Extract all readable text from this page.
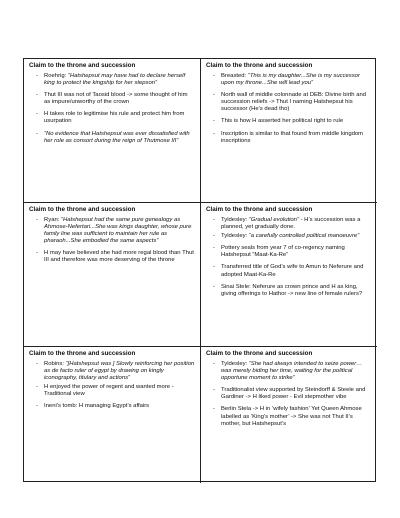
Claim to the throne and succession
- Roehrig: “Hatshepsut may have had to declare herself king to protect the kingship for her stepson”
- Thut III was not of Taosid blood -> some thought of him as impure/unworthy of the crown
- H takes role to legitimise his rule and protect him from usurpation
- “No evidence that Hatshepsut was ever dissatisfied with her role as consort during the reign of Thutmose III”
Claim to the throne and succession
- Breasted: “This is my daughter...She is my successor upon my throne...She will lead you”
- North wall of middle colonnade at DEB: Divine birth and succession reliefs -> Thut I naming Hatshepsut his successor (He’s dead tho)
- This is how H asserted her political right to rule
- Inscription is similar to that found from middle kingdom inscriptions
Claim to the throne and succession
- Ryan: “Hatshepsut had the same pure genealogy as Ahmose-Nefertari...She was kings daughter, whose pure family line was sufficient to maintain her rule as pharaoh...She embodied the same aspects”
- H may have believed she had more regal blood than Thut III and therefore was more deserving of the throne
Claim to the throne and succession
- Tyldesley: “Gradual evolution” - H’s succession was a planned, yet gradually done.
- Tyldesley: “a carefully controlled political manoeuvre”
- Pottery seals from year 7 of co-regency naming Hatshepsut “Maat-Ka-Re”
- Transferred title of God’s wife to Amun to Neferure and adopted Maat-Ka-Re
- Sinai Stele: Neferure as crown prince and H as king, giving offerings to Hathor -> new line of female rulers?
Claim to the throne and succession
- Robins: “[Hatshepsut was ] Slowly reinforcing her position as de facto ruler of egypt by drawing on kingly iconography, titulary and actions”
- H enjoyed the power of regent and wanted more - Traditional view
- Ineni’s tomb: H managing Egypt’s affairs
Claim to the throne and succession
- Tyldesley: “She had always intended to seize power… was merely biding her time, waiting for the political opportune moment to strike”
- Traditionalist view supported by Steindorff & Steele and Gardiner -> H liked power - Evil stepmother vibe
- Berlin Stela -> H in ‘wifely fashion’ Yet Queen Ahmose labelled as ‘King’s mother’ -> She was not Thut II’s mother, but Hatshepsut’s
